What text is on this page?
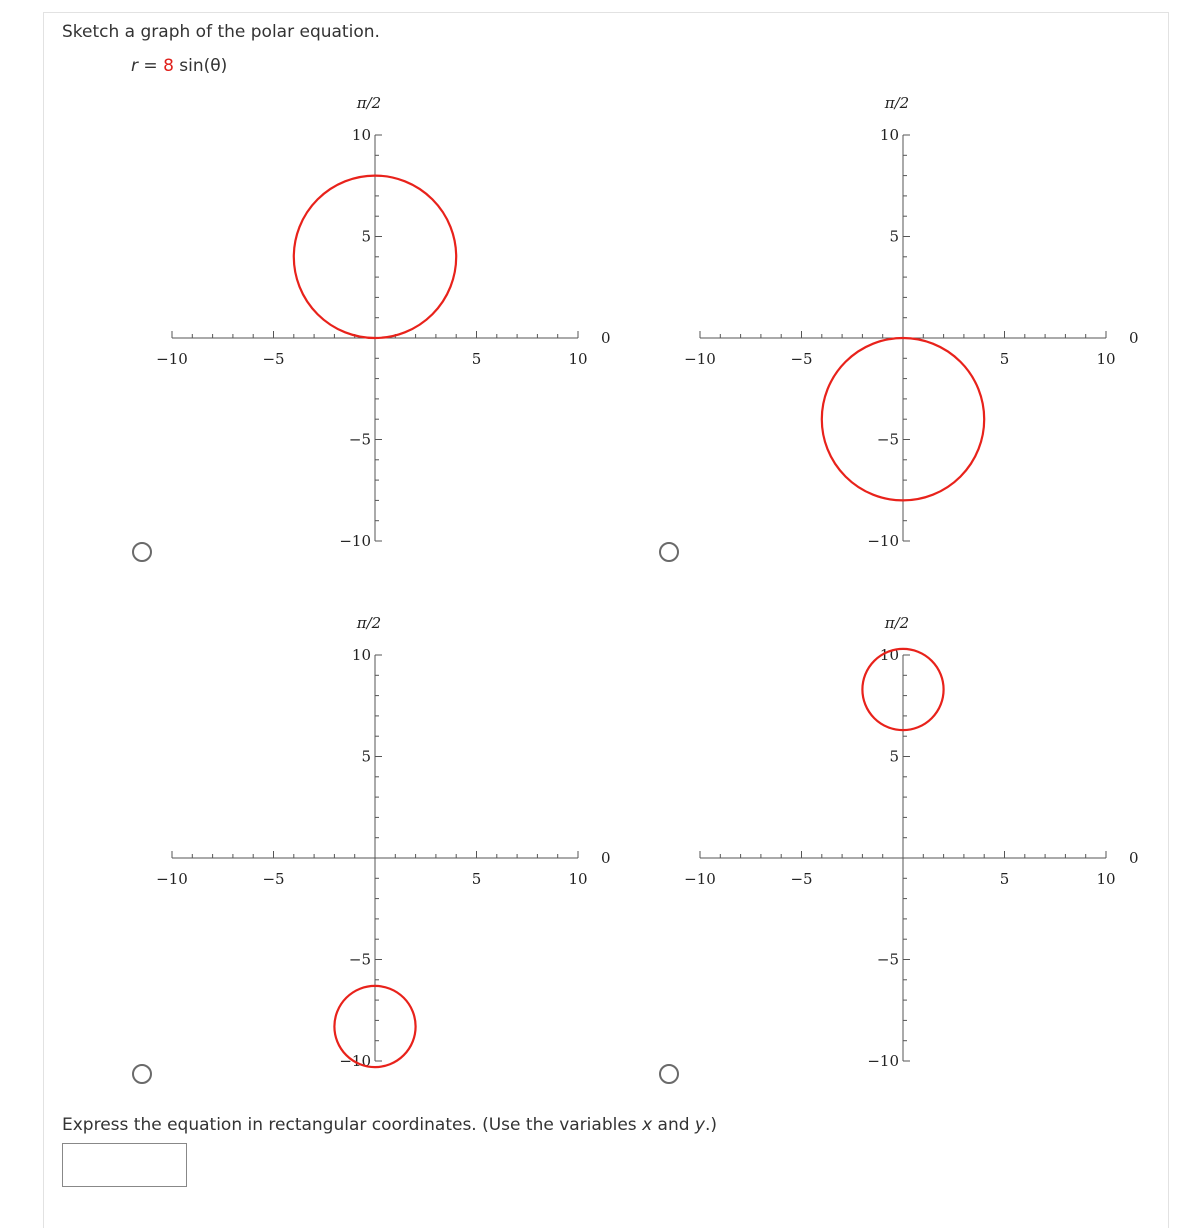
Sketch a graph of the polar equation.
r = 8 sin(θ)
−10	−5	5	10
10
5
−5
−10
π/2
0
−10	−5	5	10
10
5
−5
−10
π/2
0
−10	−5	5	10
10
5
−5
−10
π/2
0
−10	−5	5	10
10
5
−5
−10
π/2
0
Express the equation in rectangular coordinates. (Use the variables x and y.)
